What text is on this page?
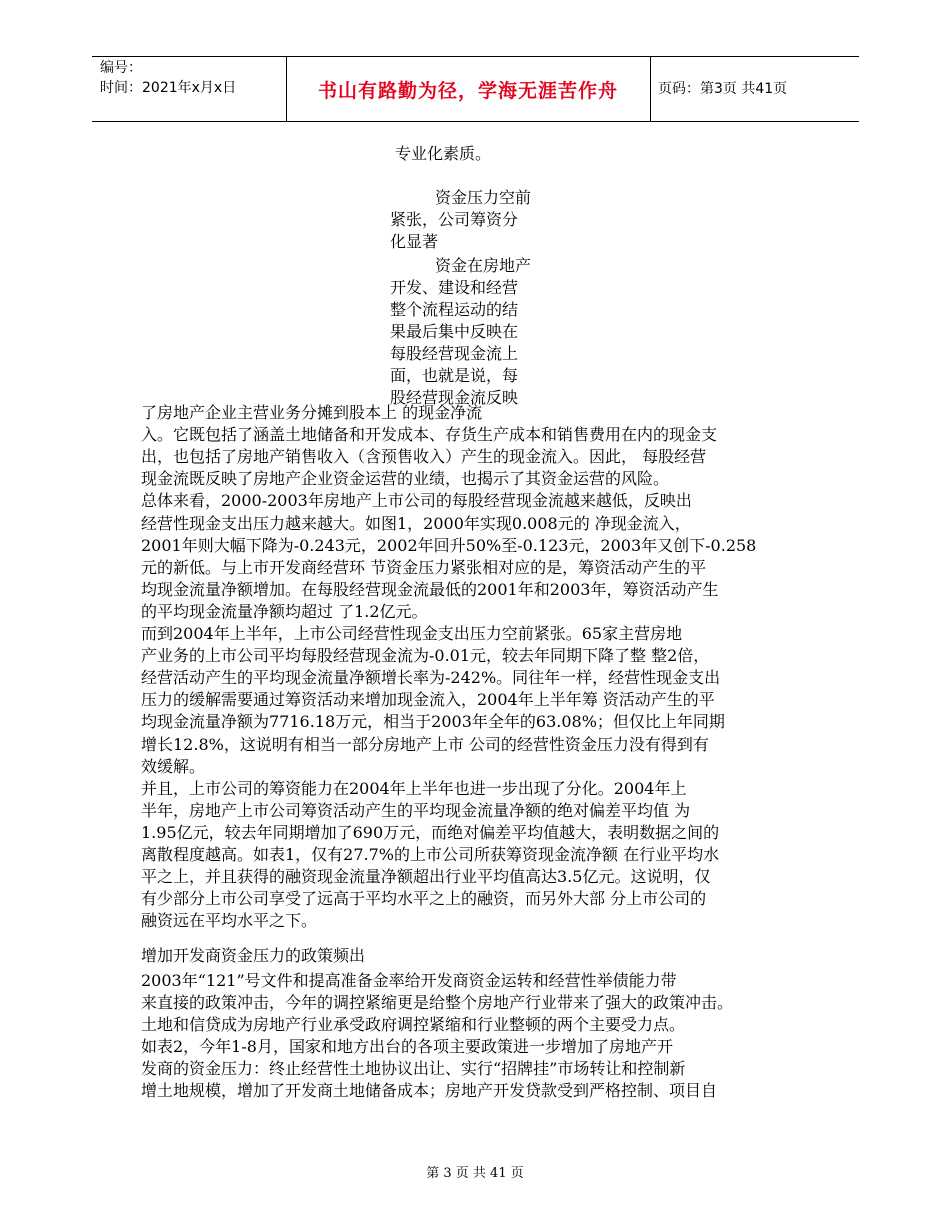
编号：
时间：2021年x月x日	书山有路勤为径，学海无涯苦作舟	页码：第3页 共41页
专业化素质。
资金压力空前
紧张，公司筹资分
化显著
资金在房地产
开发、建设和经营
整个流程运动的结
果最后集中反映在
每股经营现金流上
面，也就是说，每
股经营现金流反映
了房地产企业主营业务分摊到股本上 的现金净流
入。它既包括了涵盖土地储备和开发成本、存货生产成本和销售费用在内的现金支
出，也包括了房地产销售收入（含预售收入）产生的现金流入。因此， 每股经营
现金流既反映了房地产企业资金运营的业绩，也揭示了其资金运营的风险。
总体来看，2000-2003年房地产上市公司的每股经营现金流越来越低，反映出
经营性现金支出压力越来越大。如图1，2000年实现0.008元的 净现金流入，
2001年则大幅下降为-0.243元，2002年回升50%至-0.123元，2003年又创下-0.258
元的新低。与上市开发商经营环 节资金压力紧张相对应的是，筹资活动产生的平
均现金流量净额增加。在每股经营现金流最低的2001年和2003年，筹资活动产生
的平均现金流量净额均超过 了1.2亿元。
而到2004年上半年，上市公司经营性现金支出压力空前紧张。65家主营房地
产业务的上市公司平均每股经营现金流为-0.01元，较去年同期下降了整 整2倍，
经营活动产生的平均现金流量净额增长率为-242%。同往年一样，经营性现金支出
压力的缓解需要通过筹资活动来增加现金流入，2004年上半年筹 资活动产生的平
均现金流量净额为7716.18万元，相当于2003年全年的63.08%；但仅比上年同期
增长12.8%，这说明有相当一部分房地产上市 公司的经营性资金压力没有得到有
效缓解。
并且，上市公司的筹资能力在2004年上半年也进一步出现了分化。2004年上
半年，房地产上市公司筹资活动产生的平均现金流量净额的绝对偏差平均值 为
1.95亿元，较去年同期增加了690万元，而绝对偏差平均值越大，表明数据之间的
离散程度越高。如表1，仅有27.7%的上市公司所获筹资现金流净额 在行业平均水
平之上，并且获得的融资现金流量净额超出行业平均值高达3.5亿元。这说明，仅
有少部分上市公司享受了远高于平均水平之上的融资，而另外大部 分上市公司的
融资远在平均水平之下。
增加开发商资金压力的政策频出
2003年“121”号文件和提高准备金率给开发商资金运转和经营性举债能力带
来直接的政策冲击，今年的调控紧缩更是给整个房地产行业带来了强大的政策冲击。
土地和信贷成为房地产行业承受政府调控紧缩和行业整顿的两个主要受力点。
如表2，今年1-8月，国家和地方出台的各项主要政策进一步增加了房地产开
发商的资金压力：终止经营性土地协议出让、实行“招牌挂”市场转让和控制新
增土地规模，增加了开发商土地储备成本；房地产开发贷款受到严格控制、项目自
第 3 页 共 41 页
